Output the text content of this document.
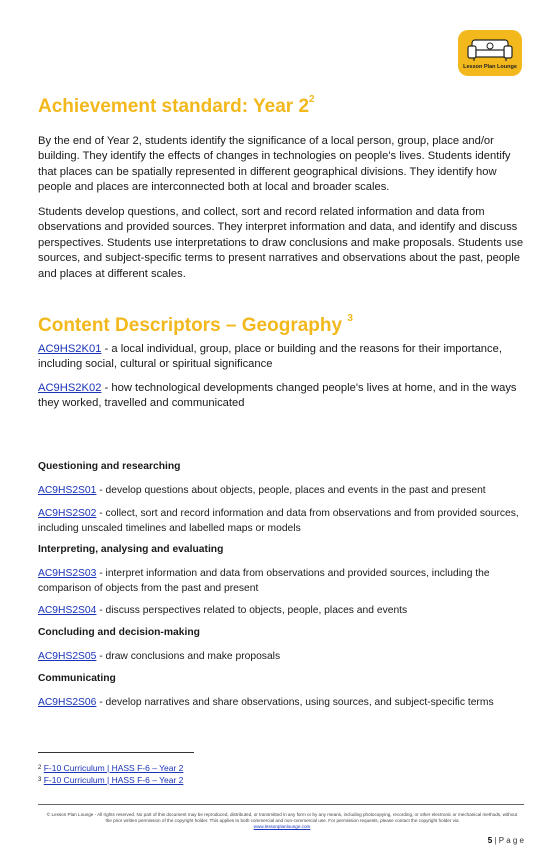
Lesson Plan Lounge
Achievement standard: Year $2^2$

By the end of Year 2, students identify the significance of a local person, group, place and/or building. They identify the effects of changes in technologies on people's lives. Students identify that places can be spatially represented in different geographical divisions. They identify how people and places are interconnected both at local and broader scales.

Students develop questions, and collect, sort and record related information and data from observations and provided sources. They interpret information and data, and identify and discuss perspectives. Students use interpretations to draw conclusions and make proposals. Students use sources, and subject-specific terms to present narratives and observations about the past, people and places at different scales.

Content Descriptors – Geography $^3$

AC9HS2K01 - a local individual, group, place or building and the reasons for their importance, including social, cultural or spiritual significance

AC9HS2K02 - how technological developments changed people's lives at home, and in the ways they worked, travelled and communicated

Questioning and researching

AC9HS2S01 - develop questions about objects, people, places and events in the past and present

AC9HS2S02 - collect, sort and record information and data from observations and from provided sources, including unscaled timelines and labelled maps or models

Interpreting, analysing and evaluating

AC9HS2S03 - interpret information and data from observations and provided sources, including the comparison of objects from the past and present

AC9HS2S04 - discuss perspectives related to objects, people, places and events

Concluding and decision-making

AC9HS2S05 - draw conclusions and make proposals

Communicating

AC9HS2S06 - develop narratives and share observations, using sources, and subject-specific terms

$^2$ F-10 Curriculum | HASS F-6 – Year 2

$^3$ F-10 Curriculum | HASS F-6 – Year 2

© Lesson Plan Lounge - All rights reserved. No part of this document may be reproduced, distributed, or transmitted in any form or by any means, including photocopying, recording, or other electronic or mechanical methods, without the prior written permission of the copyright holder. This applies to both commercial and non-commercial use. For permission requests, please contact the copyright holder via
www.lessonplanlounge.com

5 | P a g e
